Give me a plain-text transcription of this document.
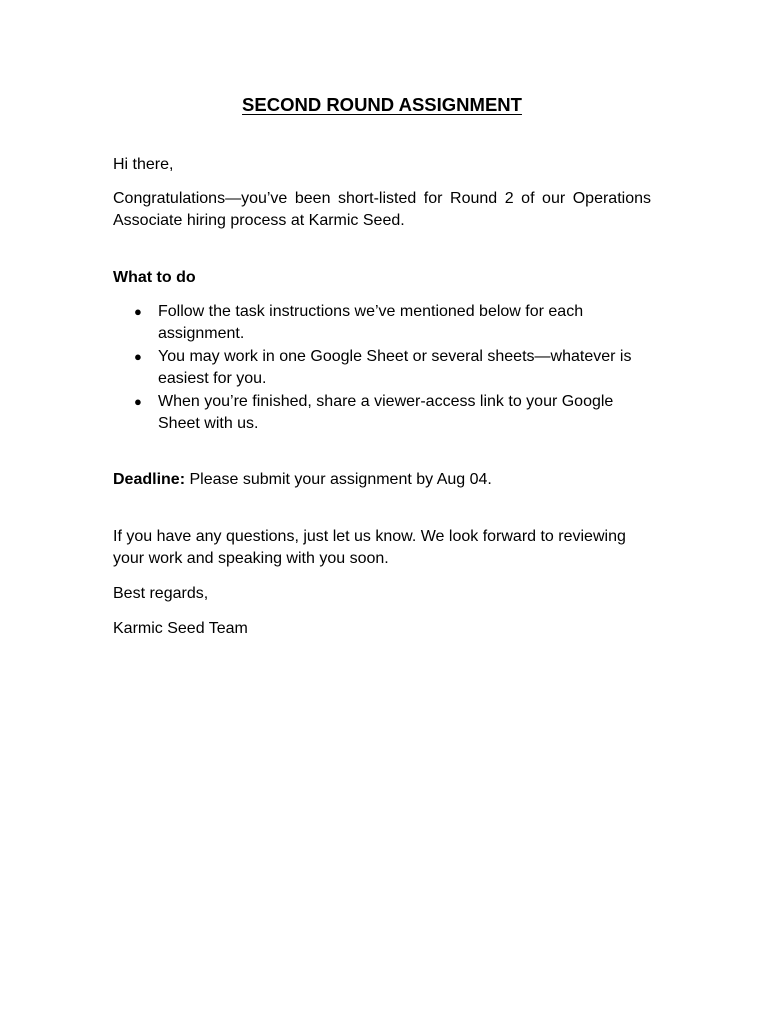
SECOND ROUND ASSIGNMENT

Hi there,

Congratulations—you’ve been short-listed for Round 2 of our Operations Associate hiring process at Karmic Seed.

What to do

● Follow the task instructions we’ve mentioned below for each assignment.
● You may work in one Google Sheet or several sheets—whatever is easiest for you.
● When you’re finished, share a viewer-access link to your Google Sheet with us.

Deadline: Please submit your assignment by Aug 04.

If you have any questions, just let us know. We look forward to reviewing your work and speaking with you soon.

Best regards,

Karmic Seed Team
